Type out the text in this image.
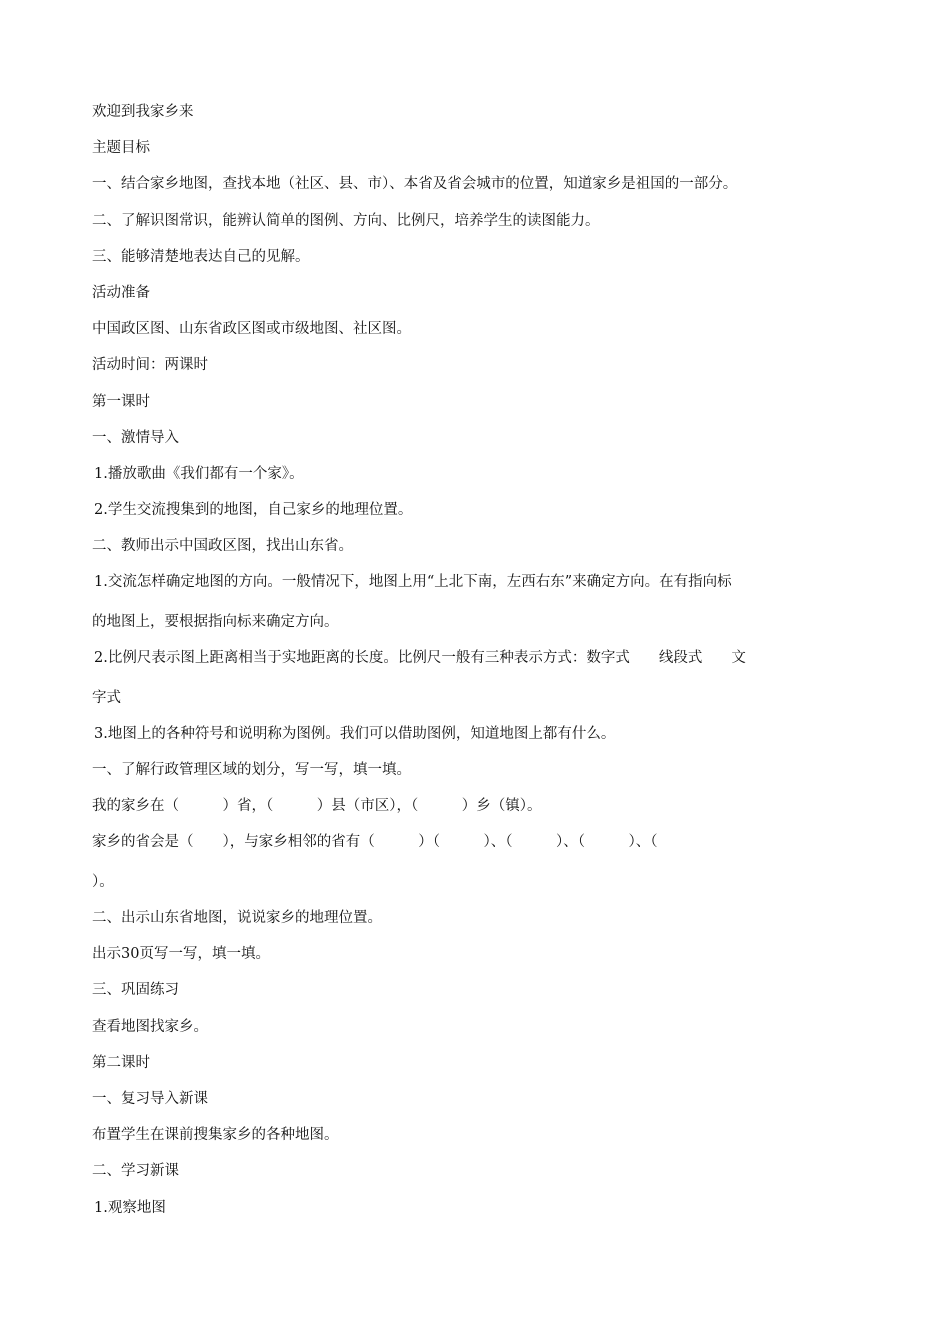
欢迎到我家乡来
主题目标
一、结合家乡地图，查找本地（社区、县、市）、本省及省会城市的位置，知道家乡是祖国的一部分。
二、了解识图常识，能辨认简单的图例、方向、比例尺，培养学生的读图能力。
三、能够清楚地表达自己的见解。
活动准备
中国政区图、山东省政区图或市级地图、社区图。
活动时间：两课时
第一课时
一、激情导入
1.播放歌曲《我们都有一个家》。
2.学生交流搜集到的地图，自己家乡的地理位置。
二、教师出示中国政区图，找出山东省。
1.交流怎样确定地图的方向。一般情况下，地图上用“上北下南，左西右东”来确定方向。在有指向标
的地图上，要根据指向标来确定方向。
2.比例尺表示图上距离相当于实地距离的长度。比例尺一般有三种表示方式：数字式　　线段式　　文
字式
3.地图上的各种符号和说明称为图例。我们可以借助图例，知道地图上都有什么。
一、了解行政管理区域的划分，写一写，填一填。
我的家乡在（　　　）省，（　　　）县（市区），（　　　）乡（镇）。
家乡的省会是（　　），与家乡相邻的省有（　　　）（　　　）、（　　　）、（　　　）、（
）。
二、出示山东省地图，说说家乡的地理位置。
出示30页写一写，填一填。
三、巩固练习
查看地图找家乡。
第二课时
一、复习导入新课
布置学生在课前搜集家乡的各种地图。
二、学习新课
1.观察地图
